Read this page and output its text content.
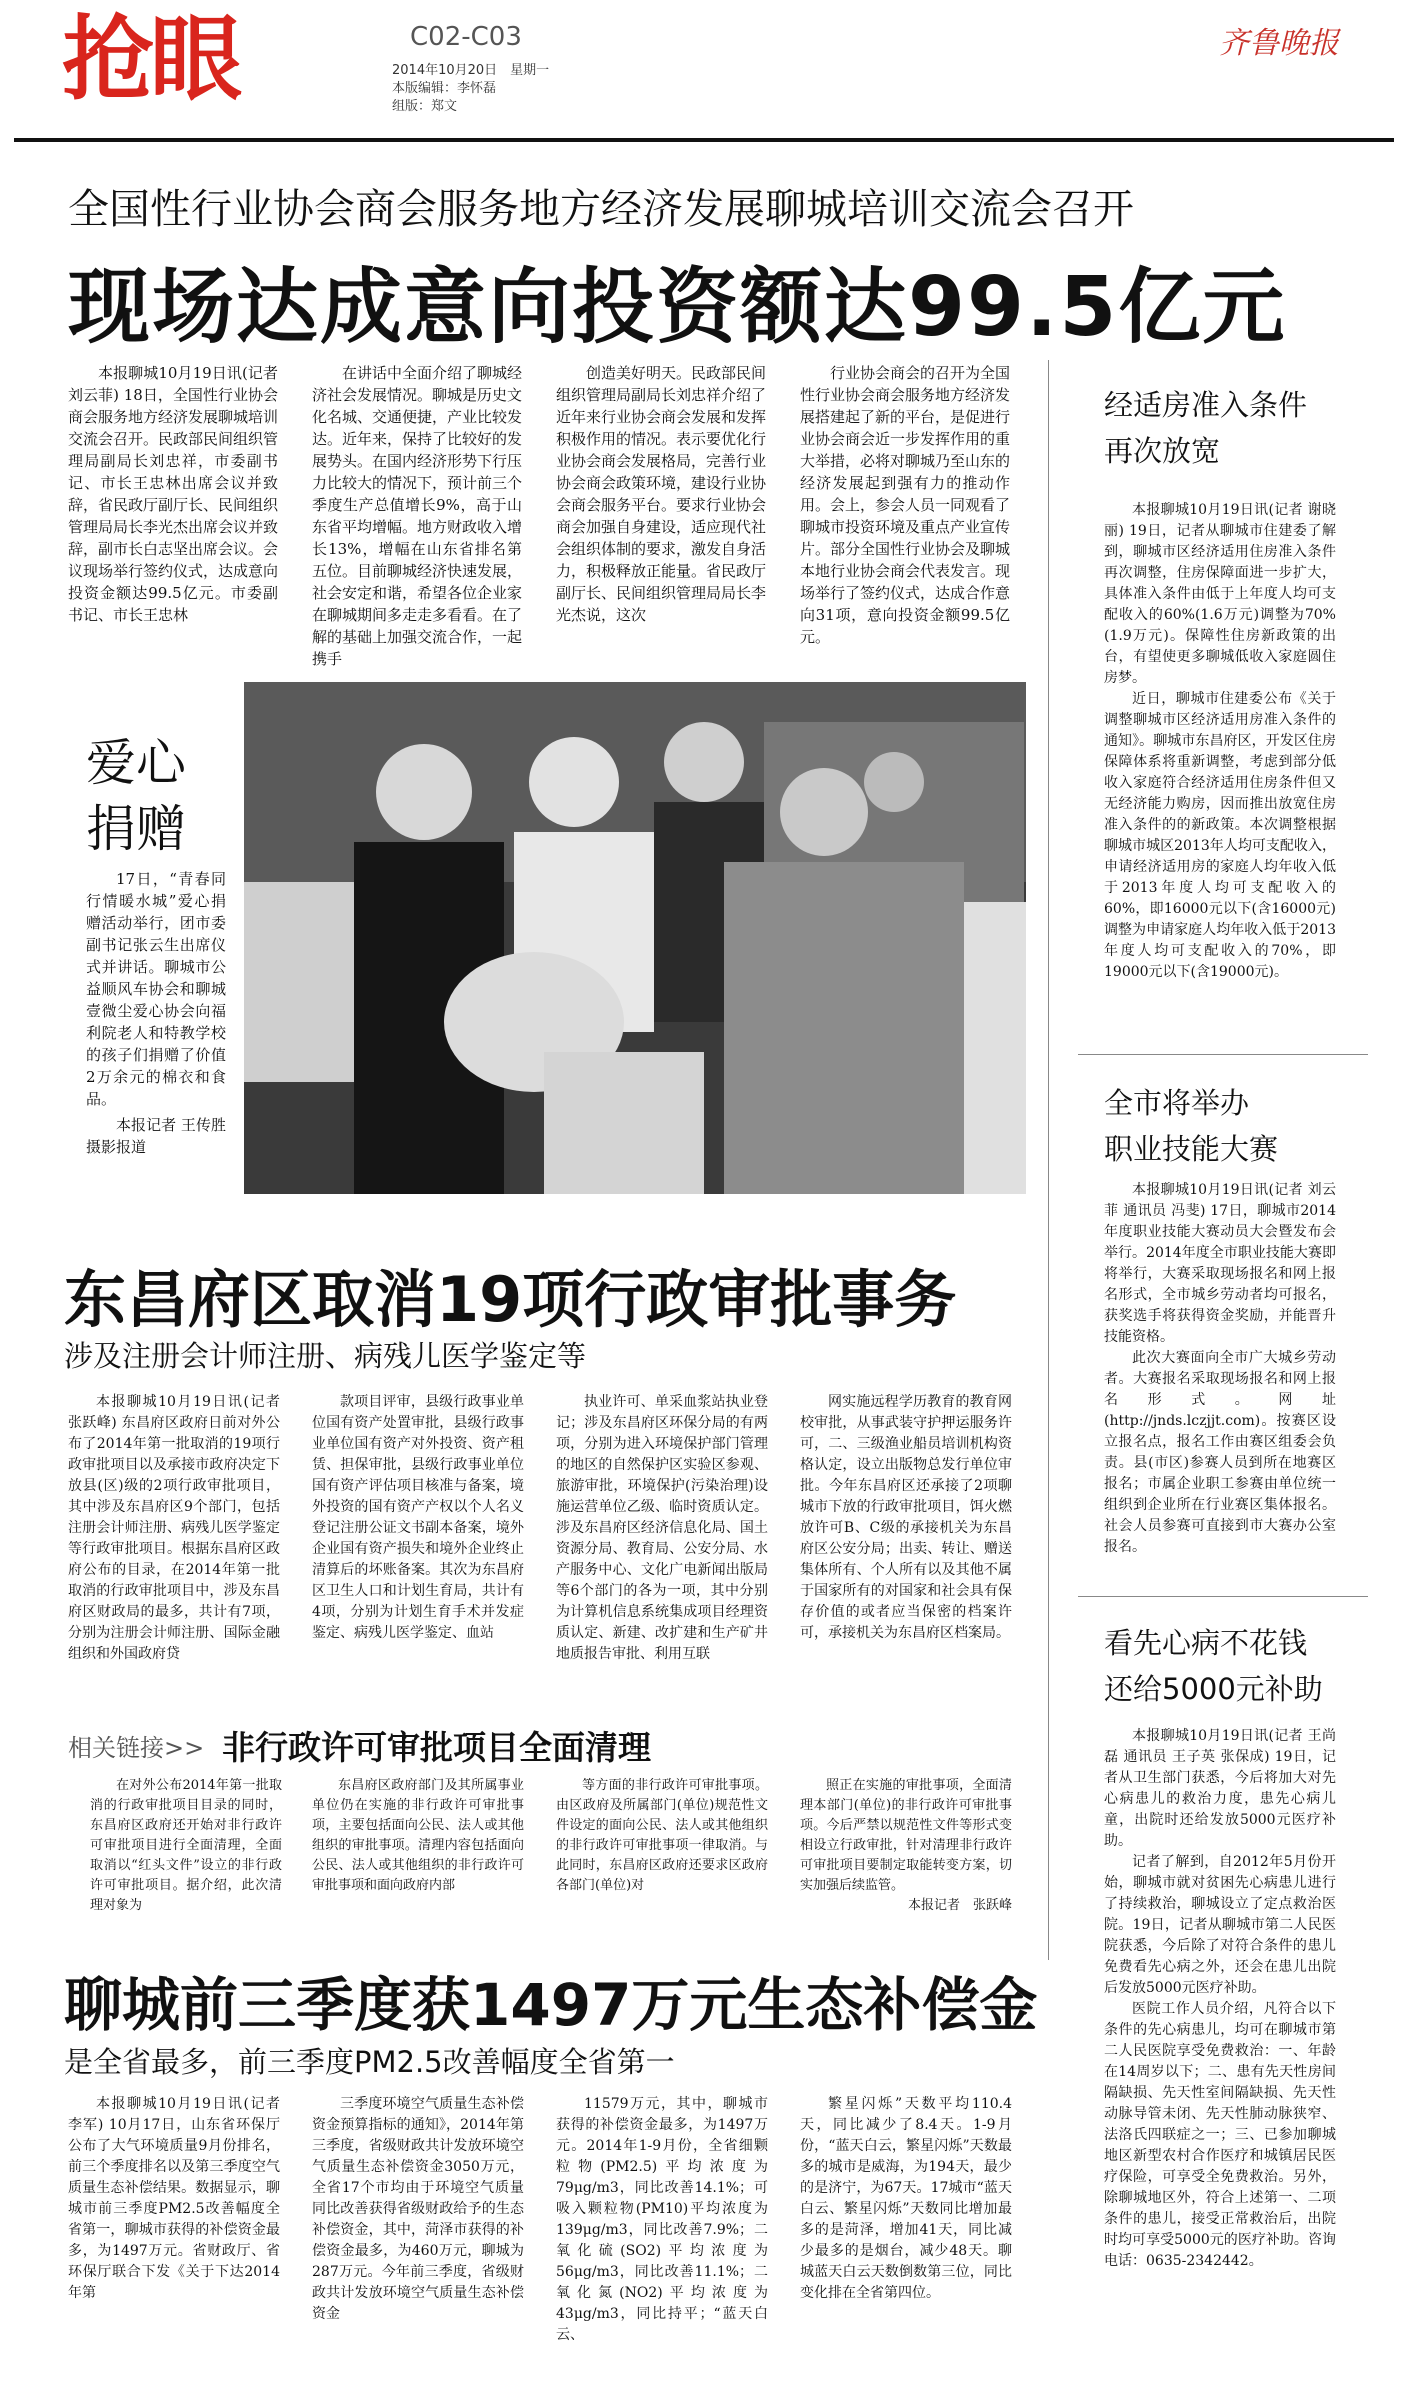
抢眼	C02-C03
2014年10月20日　星期一
本版编辑：李怀磊
组版：郑文
齐鲁晚报
全国性行业协会商会服务地方经济发展聊城培训交流会召开
现场达成意向投资额达99.5亿元

本报聊城10月19日讯(记者 刘云菲) 18日，全国性行业协会商会服务地方经济发展聊城培训交流会召开。民政部民间组织管理局副局长刘忠祥，市委副书记、市长王忠林出席会议并致辞，省民政厅副厅长、民间组织管理局局长李光杰出席会议并致辞，副市长白志坚出席会议。会议现场举行签约仪式，达成意向投资金额达99.5亿元。市委副书记、市长王忠林

在讲话中全面介绍了聊城经济社会发展情况。聊城是历史文化名城、交通便捷，产业比较发达。近年来，保持了比较好的发展势头。在国内经济形势下行压力比较大的情况下，预计前三个季度生产总值增长9%，高于山东省平均增幅。地方财政收入增长13%，增幅在山东省排名第五位。目前聊城经济快速发展，社会安定和谐，希望各位企业家在聊城期间多走走多看看。在了解的基础上加强交流合作，一起携手

创造美好明天。民政部民间组织管理局副局长刘忠祥介绍了近年来行业协会商会发展和发挥积极作用的情况。表示要优化行业协会商会发展格局，完善行业协会商会政策环境，建设行业协会商会服务平台。要求行业协会商会加强自身建设，适应现代社会组织体制的要求，激发自身活力，积极释放正能量。省民政厅副厅长、民间组织管理局局长李光杰说，这次

行业协会商会的召开为全国性行业协会商会服务地方经济发展搭建起了新的平台，是促进行业协会商会近一步发挥作用的重大举措，必将对聊城乃至山东的经济发展起到强有力的推动作用。会上，参会人员一同观看了聊城市投资环境及重点产业宣传片。部分全国性行业协会及聊城本地行业协会商会代表发言。现场举行了签约仪式，达成合作意向31项，意向投资金额99.5亿元。

经适房准入条件
再次放宽

本报聊城10月19日讯(记者 谢晓丽) 19日，记者从聊城市住建委了解到，聊城市区经济适用住房准入条件再次调整，住房保障面进一步扩大，具体准入条件由低于上年度人均可支配收入的60%(1.6万元)调整为70%(1.9万元)。保障性住房新政策的出台，有望使更多聊城低收入家庭圆住房梦。

近日，聊城市住建委公布《关于调整聊城市区经济适用房准入条件的通知》。聊城市东昌府区，开发区住房保障体系将重新调整，考虑到部分低收入家庭符合经济适用住房条件但又无经济能力购房，因而推出放宽住房准入条件的的新政策。本次调整根据聊城市城区2013年人均可支配收入，申请经济适用房的家庭人均年收入低于2013年度人均可支配收入的60%，即16000元以下(含16000元)调整为申请家庭人均年收入低于2013年度人均可支配收入的70%，即19000元以下(含19000元)。

爱心
捐赠

17日，“青春同行情暖水城”爱心捐赠活动举行，团市委副书记张云生出席仪式并讲话。聊城市公益顺风车协会和聊城壹微尘爱心协会向福利院老人和特教学校的孩子们捐赠了价值2万余元的棉衣和食品。

本报记者 王传胜　摄影报道

全市将举办
职业技能大赛

本报聊城10月19日讯(记者 刘云菲 通讯员 冯斐) 17日，聊城市2014年度职业技能大赛动员大会暨发布会举行。2014年度全市职业技能大赛即将举行，大赛采取现场报名和网上报名形式，全市城乡劳动者均可报名，获奖选手将获得资金奖励，并能晋升技能资格。

此次大赛面向全市广大城乡劳动者。大赛报名采取现场报名和网上报名形式。网址(http://jnds.lczjjt.com)。按赛区设立报名点，报名工作由赛区组委会负责。县(市区)参赛人员到所在地赛区报名；市属企业职工参赛由单位统一组织到企业所在行业赛区集体报名。社会人员参赛可直接到市大赛办公室报名。

东昌府区取消19项行政审批事务
涉及注册会计师注册、病残儿医学鉴定等

本报聊城10月19日讯(记者 张跃峰) 东昌府区政府日前对外公布了2014年第一批取消的19项行政审批项目以及承接市政府决定下放县(区)级的2项行政审批项目，其中涉及东昌府区9个部门，包括注册会计师注册、病残儿医学鉴定等行政审批项目。根据东昌府区政府公布的目录，在2014年第一批取消的行政审批项目中，涉及东昌府区财政局的最多，共计有7项，分别为注册会计师注册、国际金融组织和外国政府贷

款项目评审，县级行政事业单位国有资产处置审批，县级行政事业单位国有资产对外投资、资产租赁、担保审批，县级行政事业单位国有资产评估项目核准与备案，境外投资的国有资产产权以个人名义登记注册公证文书副本备案，境外企业国有资产损失和境外企业终止清算后的坏账备案。其次为东昌府区卫生人口和计划生育局，共计有4项，分别为计划生育手术并发症鉴定、病残儿医学鉴定、血站

执业许可、单采血浆站执业登记；涉及东昌府区环保分局的有两项，分别为进入环境保护部门管理的地区的自然保护区实验区参观、旅游审批，环境保护(污染治理)设施运营单位乙级、临时资质认定。涉及东昌府区经济信息化局、国土资源分局、教育局、公安分局、水产服务中心、文化广电新闻出版局等6个部门的各为一项，其中分别为计算机信息系统集成项目经理资质认定、新建、改扩建和生产矿井地质报告审批、利用互联

网实施远程学历教育的教育网校审批，从事武装守护押运服务许可，二、三级渔业船员培训机构资格认定，设立出版物总发行单位审批。今年东昌府区还承接了2项聊城市下放的行政审批项目，饵火燃放许可B、C级的承接机关为东昌府区公安分局；出卖、转让、赠送集体所有、个人所有以及其他不属于国家所有的对国家和社会具有保存价值的或者应当保密的档案许可，承接机关为东昌府区档案局。

相关链接>> 非行政许可审批项目全面清理

在对外公布2014年第一批取消的行政审批项目目录的同时，东昌府区政府还开始对非行政许可审批项目进行全面清理，全面取消以“红头文件”设立的非行政许可审批项目。据介绍，此次清理对象为

东昌府区政府部门及其所属事业单位仍在实施的非行政许可审批事项，主要包括面向公民、法人或其他组织的审批事项。清理内容包括面向公民、法人或其他组织的非行政许可审批事项和面向政府内部

等方面的非行政许可审批事项。由区政府及所属部门(单位)规范性文件设定的面向公民、法人或其他组织的非行政许可审批事项一律取消。与此同时，东昌府区政府还要求区政府各部门(单位)对

照正在实施的审批事项，全面清理本部门(单位)的非行政许可审批事项。今后严禁以规范性文件等形式变相设立行政审批，针对清理非行政许可审批项目要制定取能转变方案，切实加强后续监管。

本报记者　张跃峰

看先心病不花钱
还给5000元补助

本报聊城10月19日讯(记者 王尚磊 通讯员 王子英 张保成) 19日，记者从卫生部门获悉，今后将加大对先心病患儿的救治力度，患先心病儿童，出院时还给发放5000元医疗补助。

记者了解到，自2012年5月份开始，聊城市就对贫困先心病患儿进行了持续救治，聊城设立了定点救治医院。19日，记者从聊城市第二人民医院获悉，今后除了对符合条件的患儿免费看先心病之外，还会在患儿出院后发放5000元医疗补助。

医院工作人员介绍，凡符合以下条件的先心病患儿，均可在聊城市第二人民医院享受免费救治：一、年龄在14周岁以下；二、患有先天性房间隔缺损、先天性室间隔缺损、先天性动脉导管未闭、先天性肺动脉狭窄、法洛氏四联症之一；三、已参加聊城地区新型农村合作医疗和城镇居民医疗保险，可享受全免费救治。另外，除聊城地区外，符合上述第一、二项条件的患儿，接受正常救治后，出院时均可享受5000元的医疗补助。咨询电话：0635-2342442。

聊城前三季度获1497万元生态补偿金
是全省最多，前三季度PM2.5改善幅度全省第一

本报聊城10月19日讯(记者 李军) 10月17日，山东省环保厅公布了大气环境质量9月份排名，前三个季度排名以及第三季度空气质量生态补偿结果。数据显示，聊城市前三季度PM2.5改善幅度全省第一，聊城市获得的补偿资金最多，为1497万元。省财政厅、省环保厅联合下发《关于下达2014年第

三季度环境空气质量生态补偿资金预算指标的通知》，2014年第三季度，省级财政共计发放环境空气质量生态补偿资金3050万元，全省17个市均由于环境空气质量同比改善获得省级财政给予的生态补偿资金，其中，菏泽市获得的补偿资金最多，为460万元，聊城为287万元。今年前三季度，省级财政共计发放环境空气质量生态补偿资金

11579万元，其中，聊城市获得的补偿资金最多，为1497万元。2014年1-9月份，全省细颗粒物(PM2.5)平均浓度为79μg/m3，同比改善14.1%；可吸入颗粒物(PM10)平均浓度为139μg/m3，同比改善7.9%；二氧化硫(SO2)平均浓度为56μg/m3，同比改善11.1%；二氧化氮(NO2)平均浓度为43μg/m3，同比持平；“蓝天白云、

繁星闪烁”天数平均110.4天，同比减少了8.4天。1-9月份，“蓝天白云，繁星闪烁”天数最多的城市是威海，为194天，最少的是济宁，为67天。17城市“蓝天白云、繁星闪烁”天数同比增加最多的是菏泽，增加41天，同比减少最多的是烟台，减少48天。聊城蓝天白云天数倒数第三位，同比变化排在全省第四位。
